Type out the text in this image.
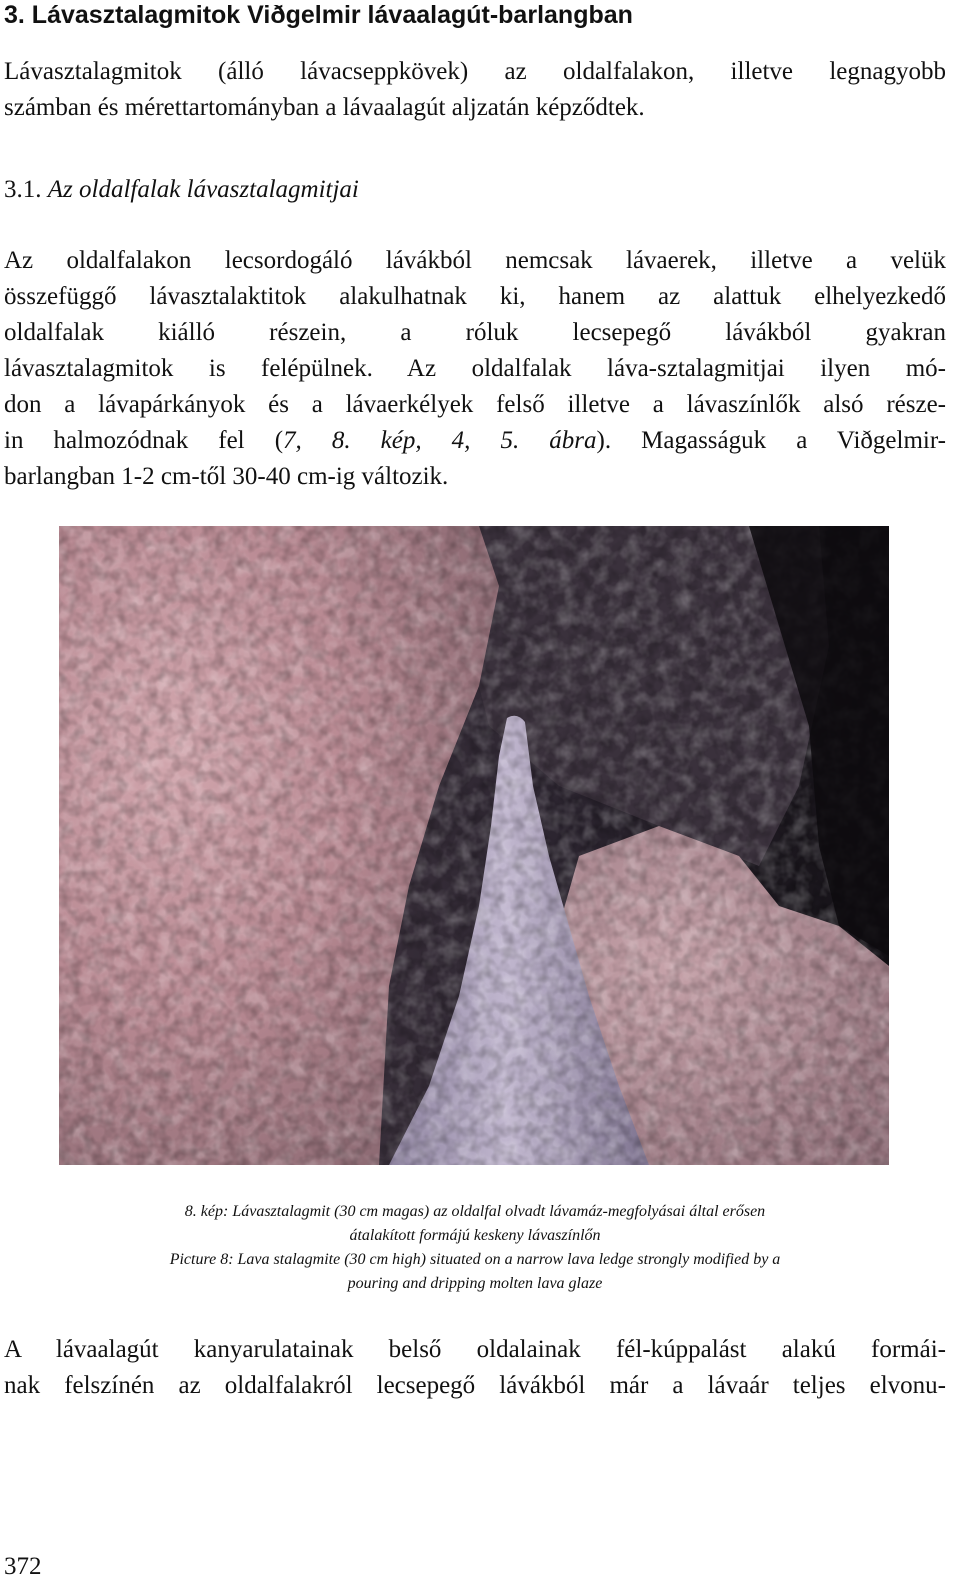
3. Lávasztalagmitok Viðgelmir lávaalagút-barlangban

Lávasztalagmitok (álló lávacseppkövek) az oldalfalakon, illetve legnagyobb
számban és mérettartományban a lávaalagút aljzatán képződtek.

3.1. Az oldalfalak lávasztalagmitjai

Az oldalfalakon lecsordogáló lávákból nemcsak lávaerek, illetve a velük
összefüggő lávasztalaktitok alakulhatnak ki, hanem az alattuk elhelyezkedő
oldalfalak kiálló részein, a róluk lecsepegő lávákból gyakran
lávasztalagmitok is felépülnek. Az oldalfalak láva-sztalagmitjai ilyen mó-
don a lávapárkányok és a lávaerkélyek felső illetve a lávaszínlők alsó részе-
in halmozódnak fel (7, 8. kép, 4, 5. ábra). Magasságuk a Viðgelmir-
barlangban 1-2 cm-től 30-40 cm-ig változik.

8. kép: Lávasztalagmit (30 cm magas) az oldalfal olvadt lávamáz-megfolyásai által erősen
átalakított formájú keskeny lávaszínlőn
Picture 8: Lava stalagmite (30 cm high) situated on a narrow lava ledge strongly modified by a
pouring and dripping molten lava glaze

A lávaalagút kanyarulatainak belső oldalainak fél-kúppalást alakú formái-
nak felszínén az oldalfalakról lecsepegő lávákból már a lávaár teljes elvonu-

372
